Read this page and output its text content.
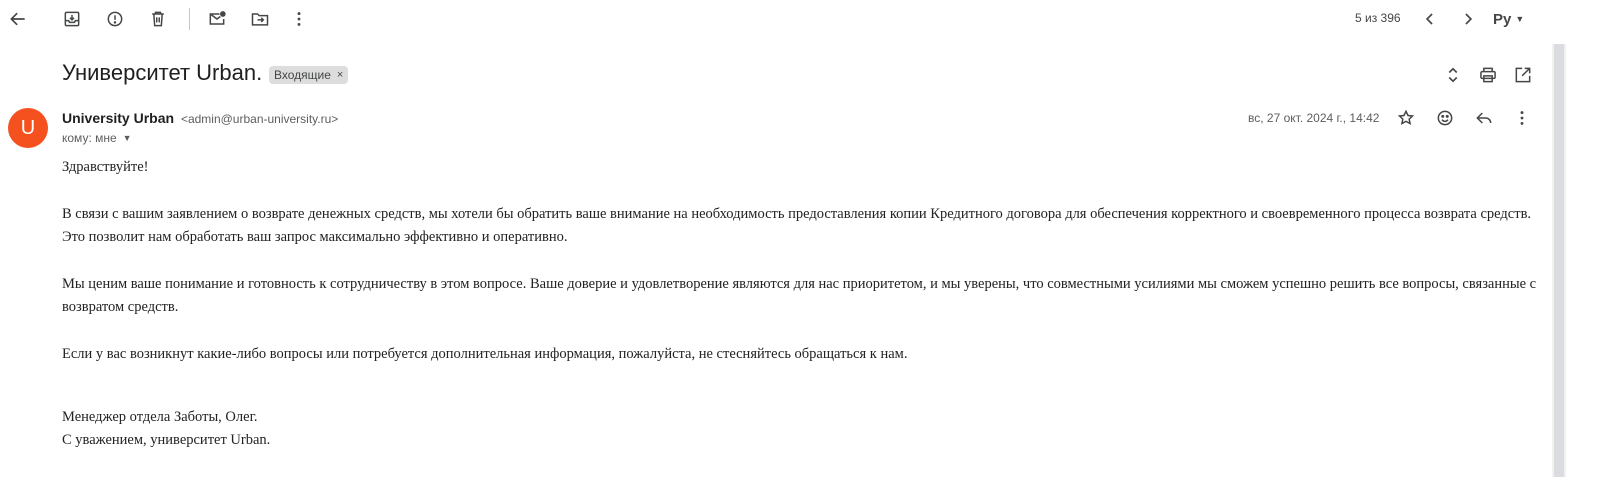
5 из 396	Ру ▼
Университет Urban. Входящие ×
U	University Urban <admin@urban-university.ru>
кому: мне ▼
вс, 27 окт. 2024 г., 14:42

Здравствуйте!

В связи с вашим заявлением о возврате денежных средств, мы хотели бы обратить ваше внимание на необходимость предоставления копии Кредитного договора для обеспечения корректного и своевременного процесса возврата средств. Это позволит нам обработать ваш запрос максимально эффективно и оперативно.

Мы ценим ваше понимание и готовность к сотрудничеству в этом вопросе. Ваше доверие и удовлетворение являются для нас приоритетом, и мы уверены, что совместными усилиями мы сможем успешно решить все вопросы, связанные с возвратом средств.

Если у вас возникнут какие-либо вопросы или потребуется дополнительная информация, пожалуйста, не стесняйтесь обращаться к нам.

Менеджер отдела Заботы, Олег.

С уважением, университет Urban.
